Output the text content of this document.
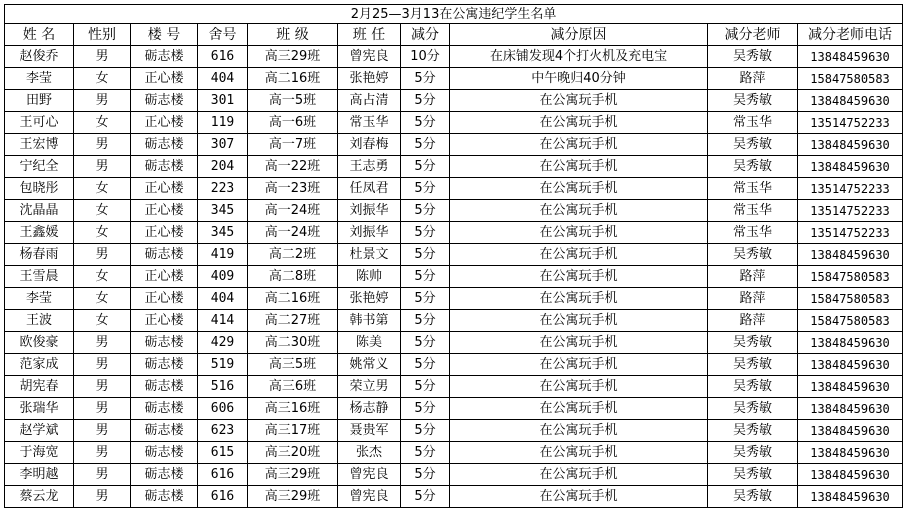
2月25—3月13在公寓违纪学生名单									
姓 名	性别	楼 号	舍号	班 级	班 任	减分	减分原因	减分老师	减分老师电话
赵俊乔	男	砺志楼	616	高三29班	曾宪良	10分	在床铺发现4个打火机及充电宝	吴秀敏	13848459630
李莹	女	正心楼	404	高二16班	张艳婷	5分	中午晚归40分钟	路萍	15847580583
田野	男	砺志楼	301	高一5班	高占清	5分	在公寓玩手机	吴秀敏	13848459630
王可心	女	正心楼	119	高一6班	常玉华	5分	在公寓玩手机	常玉华	13514752233
王宏博	男	砺志楼	307	高一7班	刘春梅	5分	在公寓玩手机	吴秀敏	13848459630
宁纪全	男	砺志楼	204	高一22班	王志勇	5分	在公寓玩手机	吴秀敏	13848459630
包晓彤	女	正心楼	223	高一23班	任凤君	5分	在公寓玩手机	常玉华	13514752233
沈晶晶	女	正心楼	345	高一24班	刘振华	5分	在公寓玩手机	常玉华	13514752233
王鑫媛	女	正心楼	345	高一24班	刘振华	5分	在公寓玩手机	常玉华	13514752233
杨春雨	男	砺志楼	419	高二2班	杜景文	5分	在公寓玩手机	吴秀敏	13848459630
王雪晨	女	正心楼	409	高二8班	陈帅	5分	在公寓玩手机	路萍	15847580583
李莹	女	正心楼	404	高二16班	张艳婷	5分	在公寓玩手机	路萍	15847580583
王波	女	正心楼	414	高二27班	韩书第	5分	在公寓玩手机	路萍	15847580583
欧俊豪	男	砺志楼	429	高二30班	陈美	5分	在公寓玩手机	吴秀敏	13848459630
范家成	男	砺志楼	519	高三5班	姚常义	5分	在公寓玩手机	吴秀敏	13848459630
胡宪春	男	砺志楼	516	高三6班	荣立男	5分	在公寓玩手机	吴秀敏	13848459630
张瑞华	男	砺志楼	606	高三16班	杨志静	5分	在公寓玩手机	吴秀敏	13848459630
赵学斌	男	砺志楼	623	高三17班	聂贵军	5分	在公寓玩手机	吴秀敏	13848459630
于海宽	男	砺志楼	615	高三20班	张杰	5分	在公寓玩手机	吴秀敏	13848459630
李明越	男	砺志楼	616	高三29班	曾宪良	5分	在公寓玩手机	吴秀敏	13848459630
蔡云龙	男	砺志楼	616	高三29班	曾宪良	5分	在公寓玩手机	吴秀敏	13848459630
